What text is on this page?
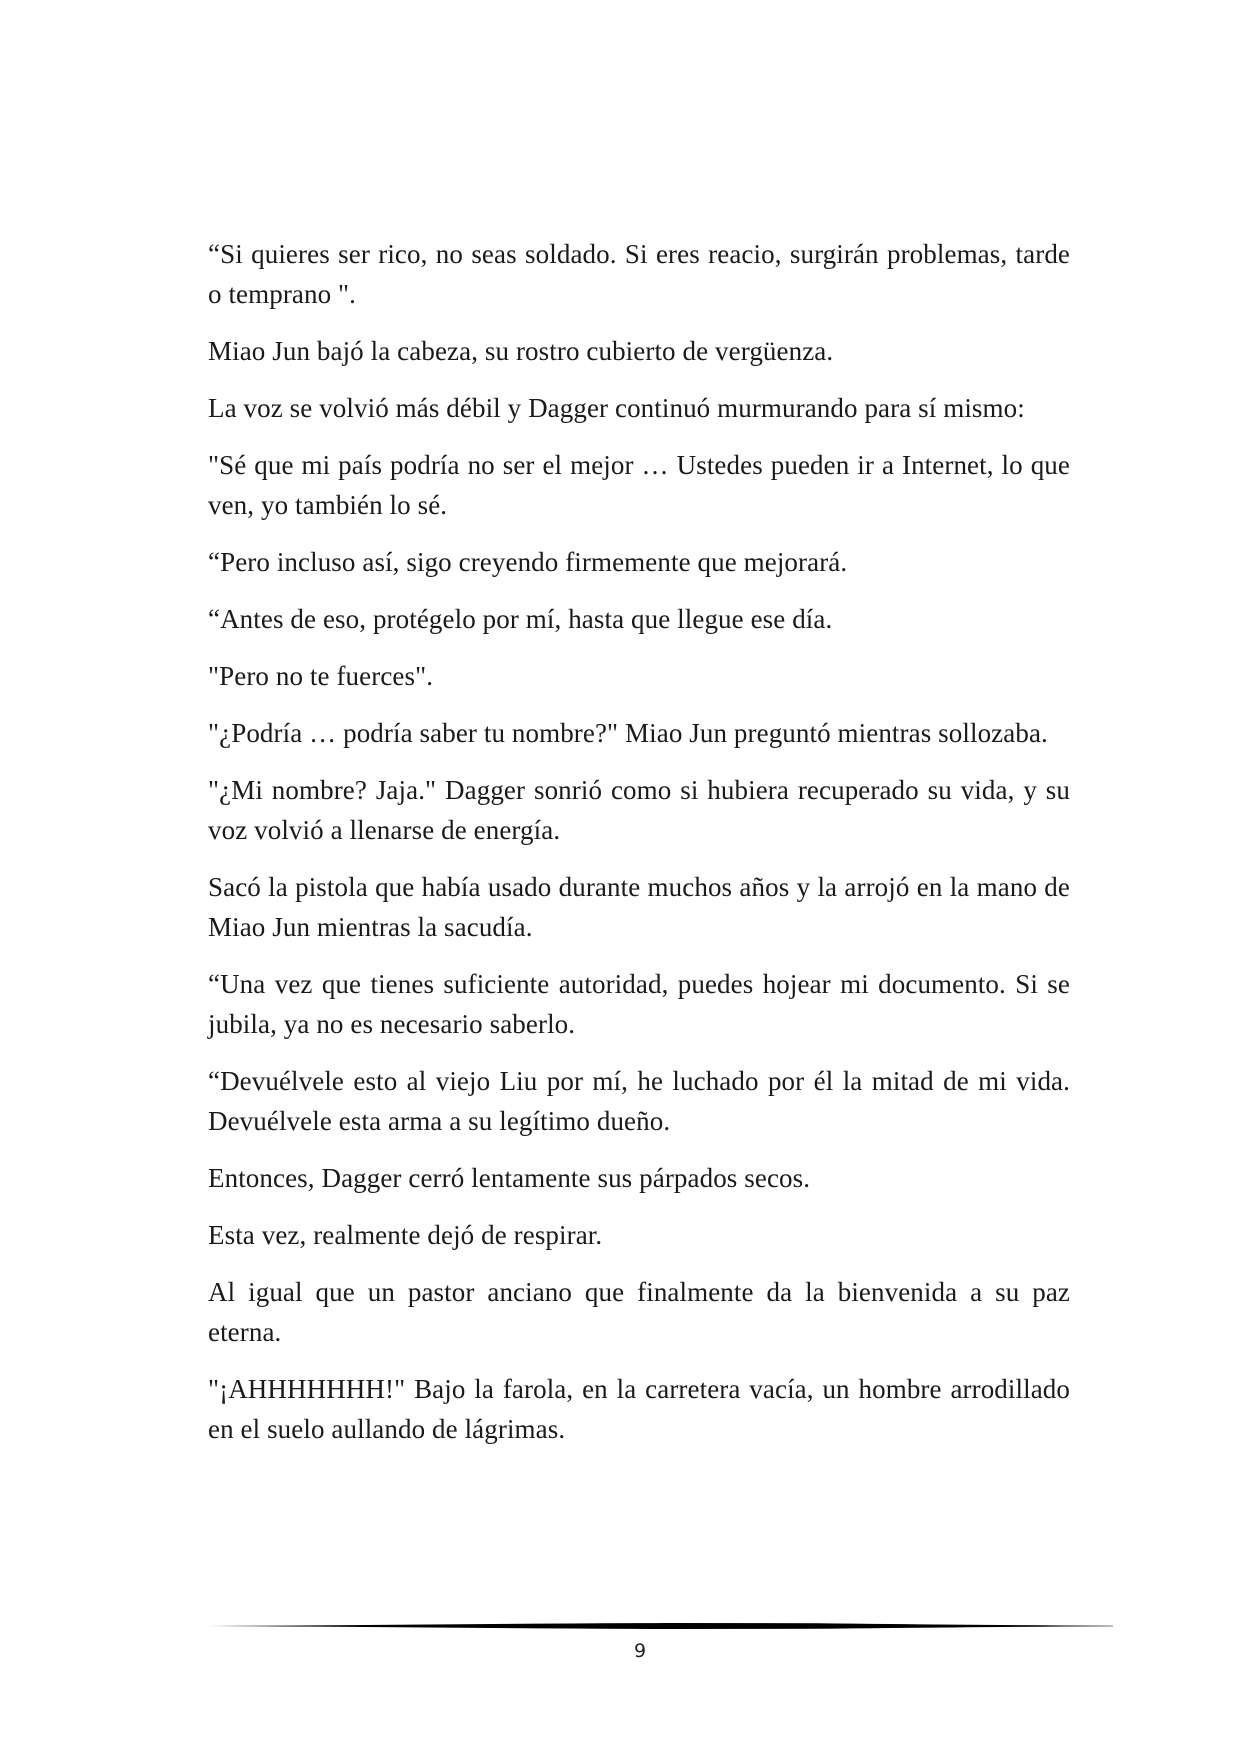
“Si quieres ser rico, no seas soldado. Si eres reacio, surgirán problemas, tarde o temprano ".

Miao Jun bajó la cabeza, su rostro cubierto de vergüenza.

La voz se volvió más débil y Dagger continuó murmurando para sí mismo:

"Sé que mi país podría no ser el mejor … Ustedes pueden ir a Internet, lo que ven, yo también lo sé.

“Pero incluso así, sigo creyendo firmemente que mejorará.

“Antes de eso, protégelo por mí, hasta que llegue ese día.

"Pero no te fuerces".

"¿Podría … podría saber tu nombre?" Miao Jun preguntó mientras sollozaba.

"¿Mi nombre? Jaja." Dagger sonrió como si hubiera recuperado su vida, y su voz volvió a llenarse de energía.

Sacó la pistola que había usado durante muchos años y la arrojó en la mano de Miao Jun mientras la sacudía.

“Una vez que tienes suficiente autoridad, puedes hojear mi documento. Si se jubila, ya no es necesario saberlo.

“Devuélvele esto al viejo Liu por mí, he luchado por él la mitad de mi vida. Devuélvele esta arma a su legítimo dueño.

Entonces, Dagger cerró lentamente sus párpados secos.

Esta vez, realmente dejó de respirar.

Al igual que un pastor anciano que finalmente da la bienvenida a su paz eterna.

"¡AHHHHHHH!" Bajo la farola, en la carretera vacía, un hombre arrodillado en el suelo aullando de lágrimas.

9
